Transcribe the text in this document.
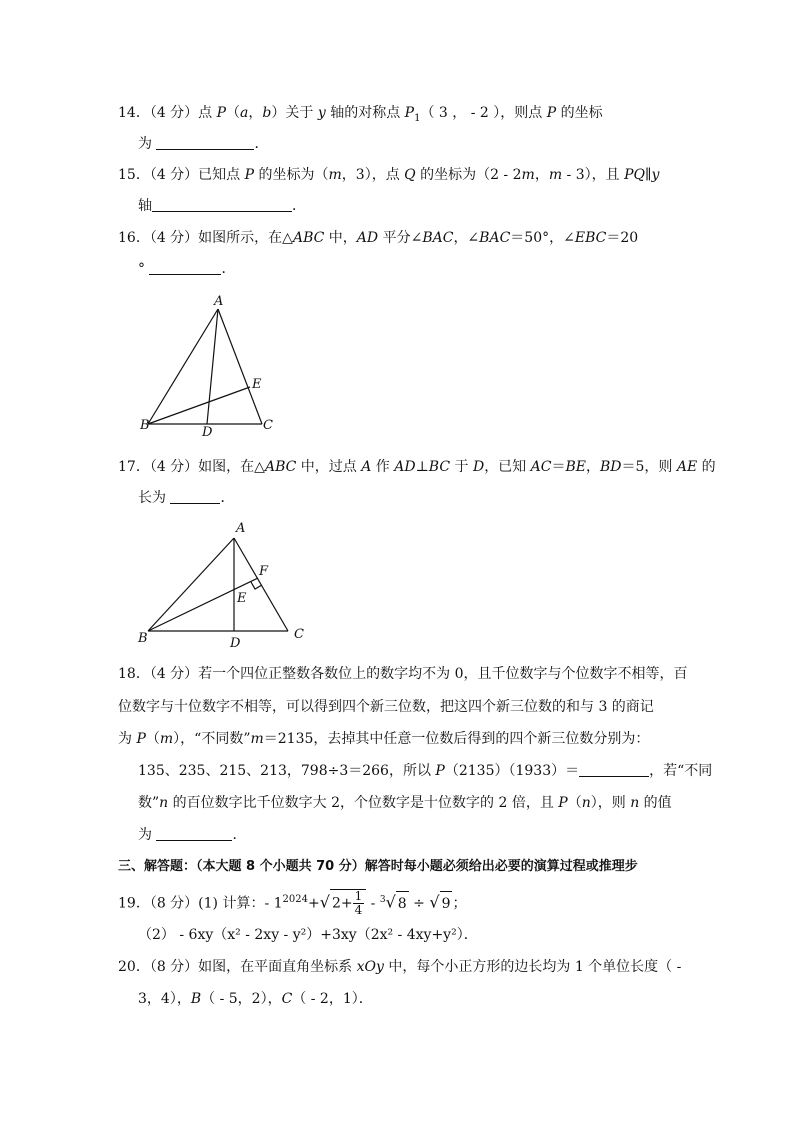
14．（4 分）点 P（a，b）关于 y 轴的对称点 $P_1$（ 3 ， - 2 ），则点 P 的坐标
为	．
15．（4 分）已知点 P 的坐标为（m，3），点 Q 的坐标为（2 - 2m，m - 3），且 PQ∥y
轴	．
16．（4 分）如图所示，在△ABC 中，AD 平分∠BAC，∠BAC＝50°，∠EBC＝20
°	．
A
E
B	D	C
17．（4 分）如图，在△ABC 中，过点 A 作 AD⊥BC 于 D，已知 AC＝BE，BD＝5，则 AE 的
长为	．
A
F
E
B	D
C
18．（4 分）若一个四位正整数各数位上的数字均不为 0，且千位数字与个位数字不相等，百
位数字与十位数字不相等，可以得到四个新三位数，把这四个新三位数的和与 3 的商记
为 P（m），“不同数”m＝2135，去掉其中任意一位数后得到的四个新三位数分别为：
135、235、215、213，798÷3＝266，所以 P（2135）（1933）＝	，若“不同
数”n 的百位数字比千位数字大 2，个位数字是十位数字的 2 倍，且 P（n），则 n 的值
为	．
三、解答题：（本大题 8 个小题共 70 分）解答时每小题必须给出必要的演算过程或推理步
19．（8 分）(1) 计算：- $1^{2024}+√$ $2+ \frac{1}{4} - ^3√$ 8 ÷ √ 9 ；
（2） - 6xy（x² - 2xy - y²）+3xy（2x² - 4xy+y²）．
20．（8 分）如图，在平面直角坐标系 xOy 中，每个小正方形的边长均为 1 个单位长度（ -
3，4），B（ - 5，2），C（ - 2，1）．
